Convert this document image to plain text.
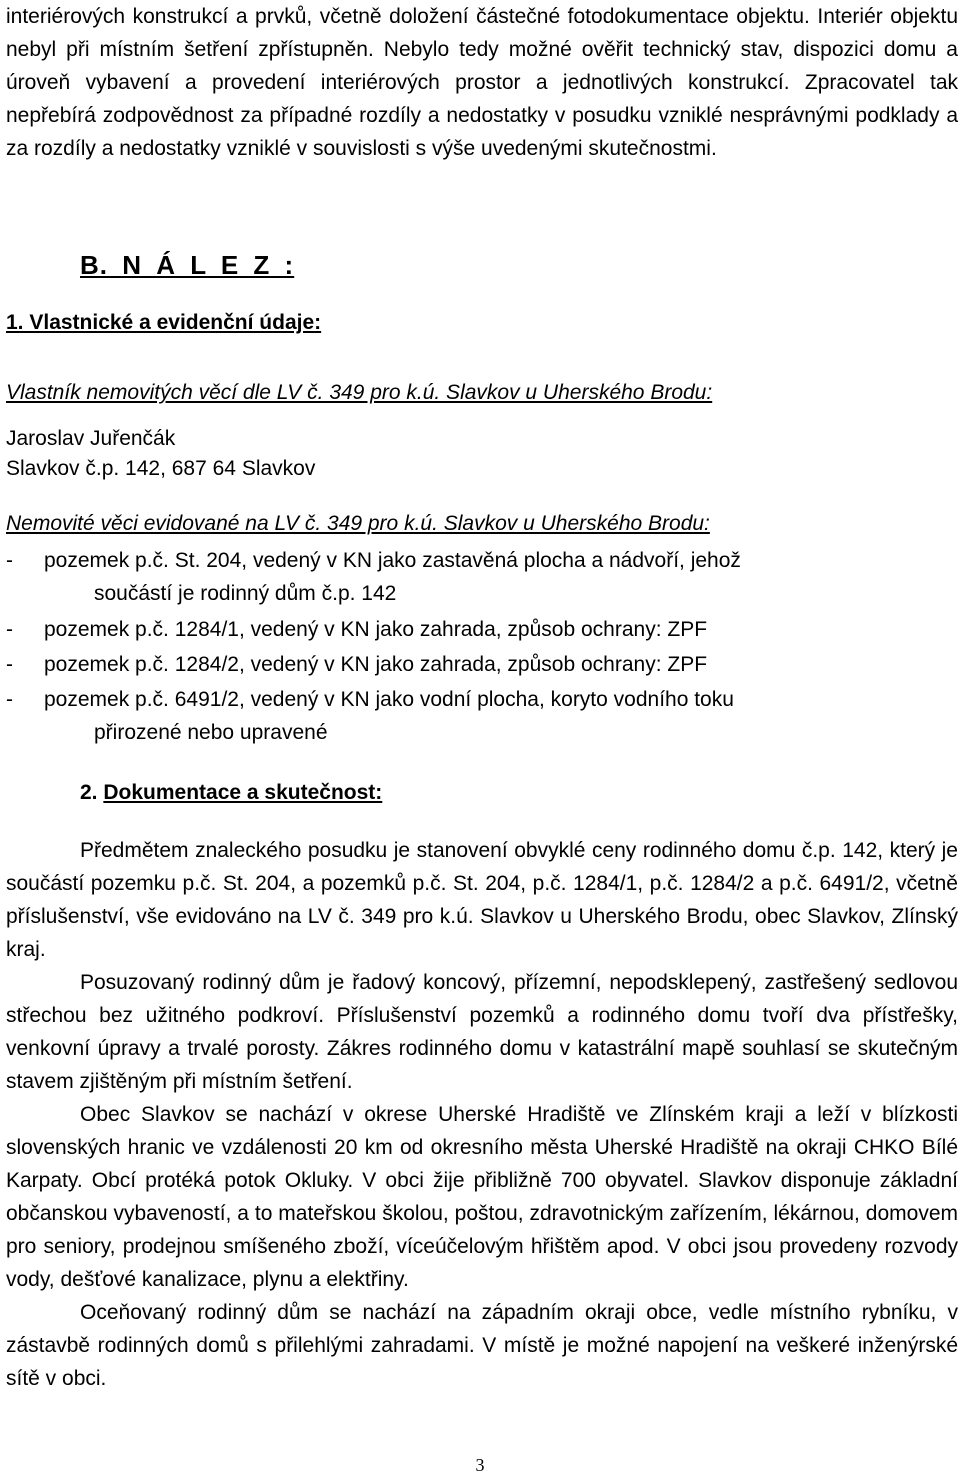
interiérových konstrukcí a prvků, včetně doložení částečné fotodokumentace objektu. Interiér objektu nebyl při místním šetření zpřístupněn. Nebylo tedy možné ověřit technický stav, dispozici domu a úroveň vybavení a provedení interiérových prostor a jednotlivých konstrukcí. Zpracovatel tak nepřebírá zodpovědnost za případné rozdíly a nedostatky v posudku vzniklé nesprávnými podklady a za rozdíly a nedostatky vzniklé v souvislosti s výše uvedenými skutečnostmi.

B. N Á L E Z :
1. Vlastnické a evidenční údaje:
Vlastník nemovitých věcí dle LV č. 349 pro k.ú. Slavkov u Uherského Brodu:
Jaroslav Juřenčák
Slavkov č.p. 142, 687 64 Slavkov
Nemovité věci evidované na LV č. 349 pro k.ú. Slavkov u Uherského Brodu:
- pozemek p.č. St. 204, vedený v KN jako zastavěná plocha a nádvoří, jehož
součástí je rodinný dům č.p. 142
- pozemek p.č. 1284/1, vedený v KN jako zahrada, způsob ochrany: ZPF
- pozemek p.č. 1284/2, vedený v KN jako zahrada, způsob ochrany: ZPF
- pozemek p.č. 6491/2, vedený v KN jako vodní plocha, koryto vodního toku
přirozené nebo upravené
2. Dokumentace a skutečnost:

Předmětem znaleckého posudku je stanovení obvyklé ceny rodinného domu č.p. 142, který je součástí pozemku p.č. St. 204, a pozemků p.č. St. 204, p.č. 1284/1, p.č. 1284/2 a p.č. 6491/2, včetně příslušenství, vše evidováno na LV č. 349 pro k.ú. Slavkov u Uherského Brodu, obec Slavkov, Zlínský kraj.

Posuzovaný rodinný dům je řadový koncový, přízemní, nepodsklepený, zastřešený sedlovou střechou bez užitného podkroví. Příslušenství pozemků a rodinného domu tvoří dva přístřešky, venkovní úpravy a trvalé porosty. Zákres rodinného domu v katastrální mapě souhlasí se skutečným stavem zjištěným při místním šetření.

Obec Slavkov se nachází v okrese Uherské Hradiště ve Zlínském kraji a leží v blízkosti slovenských hranic ve vzdálenosti 20 km od okresního města Uherské Hradiště na okraji CHKO Bílé Karpaty. Obcí protéká potok Okluky. V obci žije přibližně 700 obyvatel. Slavkov disponuje základní občanskou vybaveností, a to mateřskou školou, poštou, zdravotnickým zařízením, lékárnou, domovem pro seniory, prodejnou smíšeného zboží, víceúčelovým hřištěm apod. V obci jsou provedeny rozvody vody, dešťové kanalizace, plynu a elektřiny.

Oceňovaný rodinný dům se nachází na západním okraji obce, vedle místního rybníku, v zástavbě rodinných domů s přilehlými zahradami. V místě je možné napojení na veškeré inženýrské sítě v obci.

3
